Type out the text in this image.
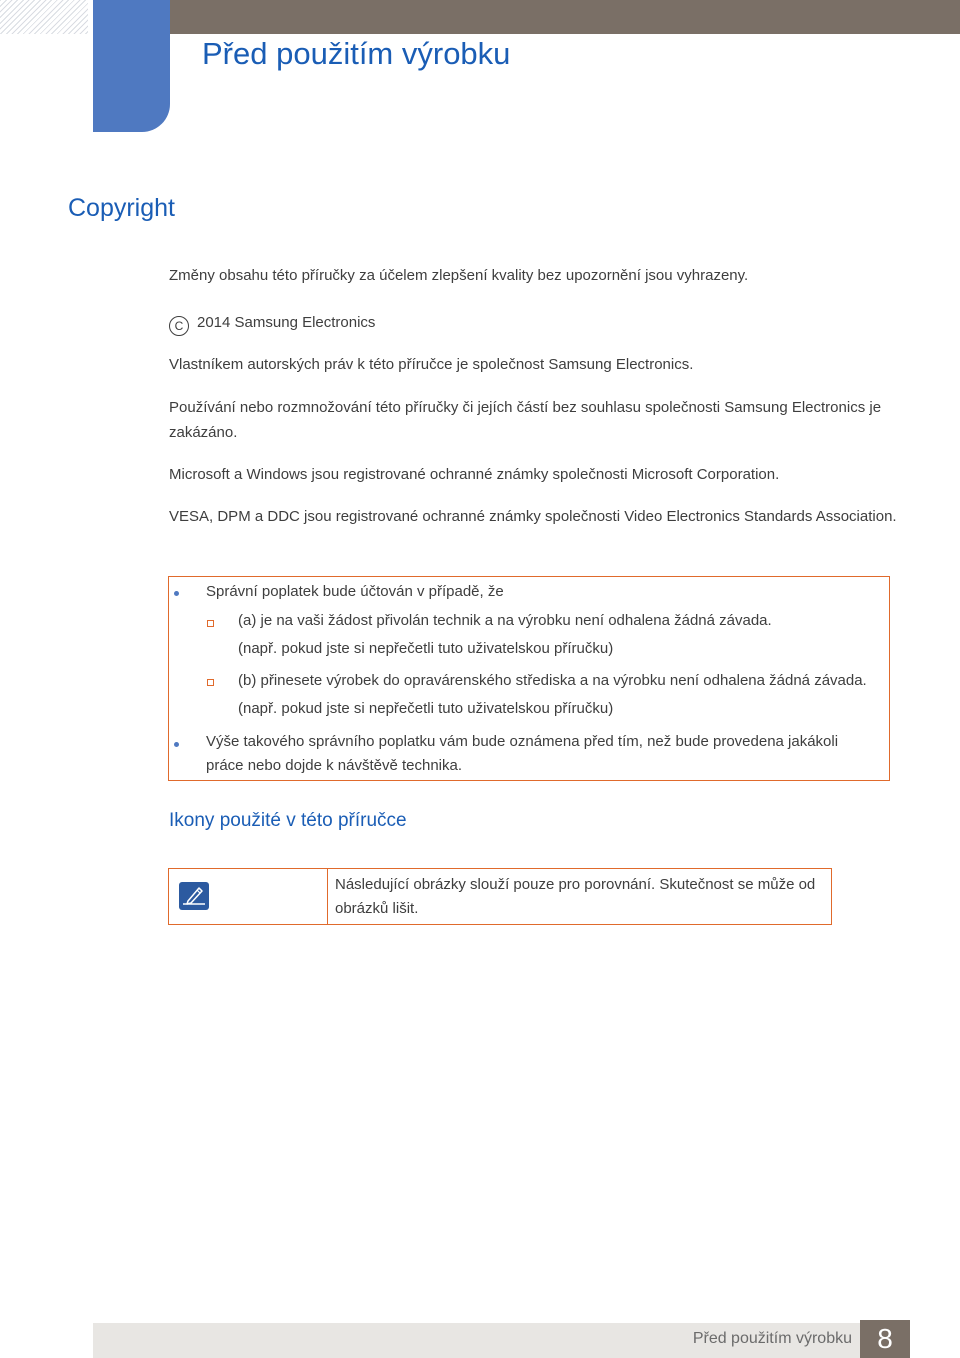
Před použitím výrobku
Copyright

Změny obsahu této příručky za účelem zlepšení kvality bez upozornění jsou vyhrazeny.

C 2014 Samsung Electronics

Vlastníkem autorských práv k této příručce je společnost Samsung Electronics.

Používání nebo rozmnožování této příručky či jejích částí bez souhlasu společnosti Samsung Electronics je zakázáno.

Microsoft a Windows jsou registrované ochranné známky společnosti Microsoft Corporation.

VESA, DPM a DDC jsou registrované ochranné známky společnosti Video Electronics Standards Association.

Správní poplatek bude účtován v případě, že
(a) je na vaši žádost přivolán technik a na výrobku není odhalena žádná závada.
(např. pokud jste si nepřečetli tuto uživatelskou příručku)
(b) přinesete výrobek do opravárenského střediska a na výrobku není odhalena žádná závada.
(např. pokud jste si nepřečetli tuto uživatelskou příručku)
Výše takového správního poplatku vám bude oznámena před tím, než bude provedena jakákoli
práce nebo dojde k návštěvě technika.
Ikony použité v této příručce
Následující obrázky slouží pouze pro porovnání. Skutečnost se může od obrázků lišit.
Před použitím výrobku 8
